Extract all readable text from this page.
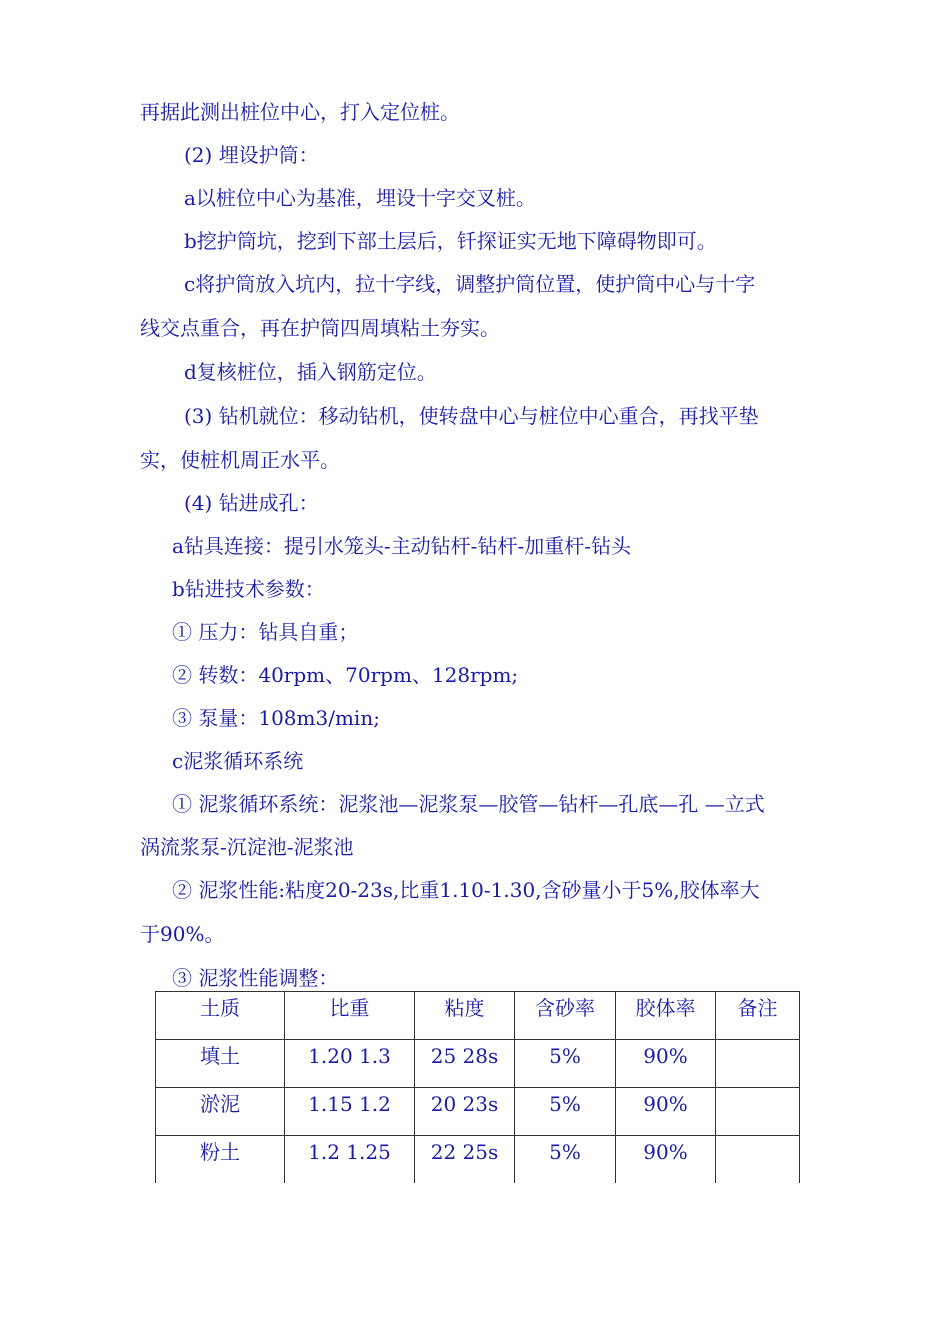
再据此测出桩位中心，打入定位桩。
(2) 埋设护筒：
a以桩位中心为基准，埋设十字交叉桩。
b挖护筒坑，挖到下部土层后，钎探证实无地下障碍物即可。
c将护筒放入坑内，拉十字线，调整护筒位置，使护筒中心与十字
线交点重合，再在护筒四周填粘土夯实。
d复核桩位，插入钢筋定位。
(3) 钻机就位：移动钻机，使转盘中心与桩位中心重合，再找平垫
实，使桩机周正水平。
(4) 钻进成孔：
a钻具连接：提引水笼头-主动钻杆-钻杆-加重杆-钻头
b钻进技术参数：
① 压力：钻具自重；
② 转数：40rpm、70rpm、128rpm;
③ 泵量：108m3/min;
c泥浆循环系统
① 泥浆循环系统：泥浆池—泥浆泵—胶管—钻杆—孔底—孔 —立式
涡流浆泵-沉淀池-泥浆池
② 泥浆性能:粘度20-23s,比重1.10-1.30,含砂量小于5%,胶体率大
于90%。
③ 泥浆性能调整：
土质	比重	粘度	含砂率	胶体率	备注
填土	1.20 1.3	25 28s	5%	90%	
淤泥	1.15 1.2	20 23s	5%	90%	
粉土	1.2 1.25	22 25s	5%	90%	
